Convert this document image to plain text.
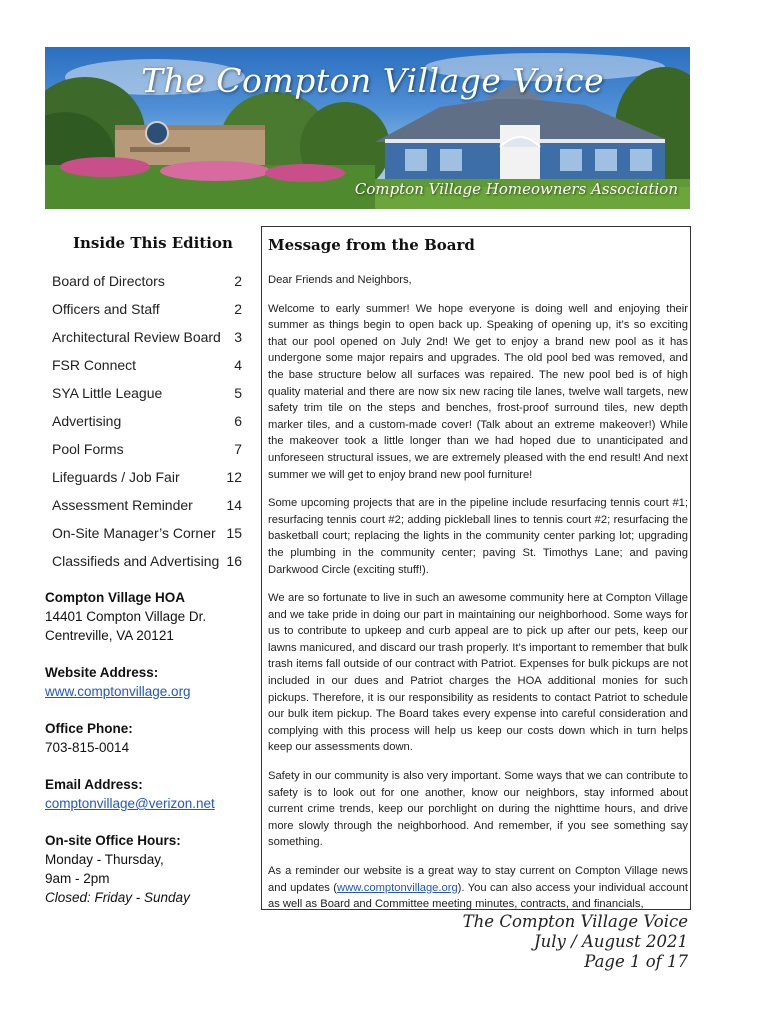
The Compton Village Voice
Compton Village Homeowners Association
Inside This Edition
Board of Directors	2
Officers and Staff	2
Architectural Review Board 3
FSR Connect	4
SYA Little League	5
Advertising	6
Pool Forms	7
Lifeguards / Job Fair	12
Assessment Reminder 14
On-Site Manager’s Corner 15
Classifieds and Advertising 16
Compton Village HOA
14401 Compton Village Dr.
Centreville, VA 20121
Website Address:
www.comptonvillage.org
Office Phone:
703-815-0014
Email Address:
comptonvillage@verizon.net
On-site Office Hours:
Monday - Thursday,
9am - 2pm
Closed: Friday - Sunday
Message from the Board

Dear Friends and Neighbors,

Welcome to early summer! We hope everyone is doing well and enjoying their summer as things begin to open back up. Speaking of opening up, it’s so exciting that our pool opened on July 2nd! We get to enjoy a brand new pool as it has undergone some major repairs and upgrades. The old pool bed was removed, and the base structure below all surfaces was repaired. The new pool bed is of high quality material and there are now six new racing tile lanes, twelve wall targets, new safety trim tile on the steps and benches, frost-proof surround tiles, new depth marker tiles, and a custom-made cover! (Talk about an extreme makeover!) While the makeover took a little longer than we had hoped due to unanticipated and unforeseen structural issues, we are extremely pleased with the end result! And next summer we will get to enjoy brand new pool furniture!

Some upcoming projects that are in the pipeline include resurfacing tennis court #1; resurfacing tennis court #2; adding pickleball lines to tennis court #2; resurfacing the basketball court; replacing the lights in the community center parking lot; upgrading the plumbing in the community center; paving St. Timothys Lane; and paving Darkwood Circle (exciting stuff!).

We are so fortunate to live in such an awesome community here at Compton Village and we take pride in doing our part in maintaining our neighborhood. Some ways for us to contribute to upkeep and curb appeal are to pick up after our pets, keep our lawns manicured, and discard our trash properly. It’s important to remember that bulk trash items fall outside of our contract with Patriot. Expenses for bulk pickups are not included in our dues and Patriot charges the HOA additional monies for such pickups. Therefore, it is our responsibility as residents to contact Patriot to schedule our bulk item pickup. The Board takes every expense into careful consideration and complying with this process will help us keep our costs down which in turn helps keep our assessments down.

Safety in our community is also very important. Some ways that we can contribute to safety is to look out for one another, know our neighbors, stay informed about current crime trends, keep our porchlight on during the nighttime hours, and drive more slowly through the neighborhood. And remember, if you see something say something.

As a reminder our website is a great way to stay current on Compton Village news and updates (www.comptonvillage.org). You can also access your individual account as well as Board and Committee meeting minutes, contracts, and financials,

The Compton Village Voice
July / August 2021
Page 1 of 17
